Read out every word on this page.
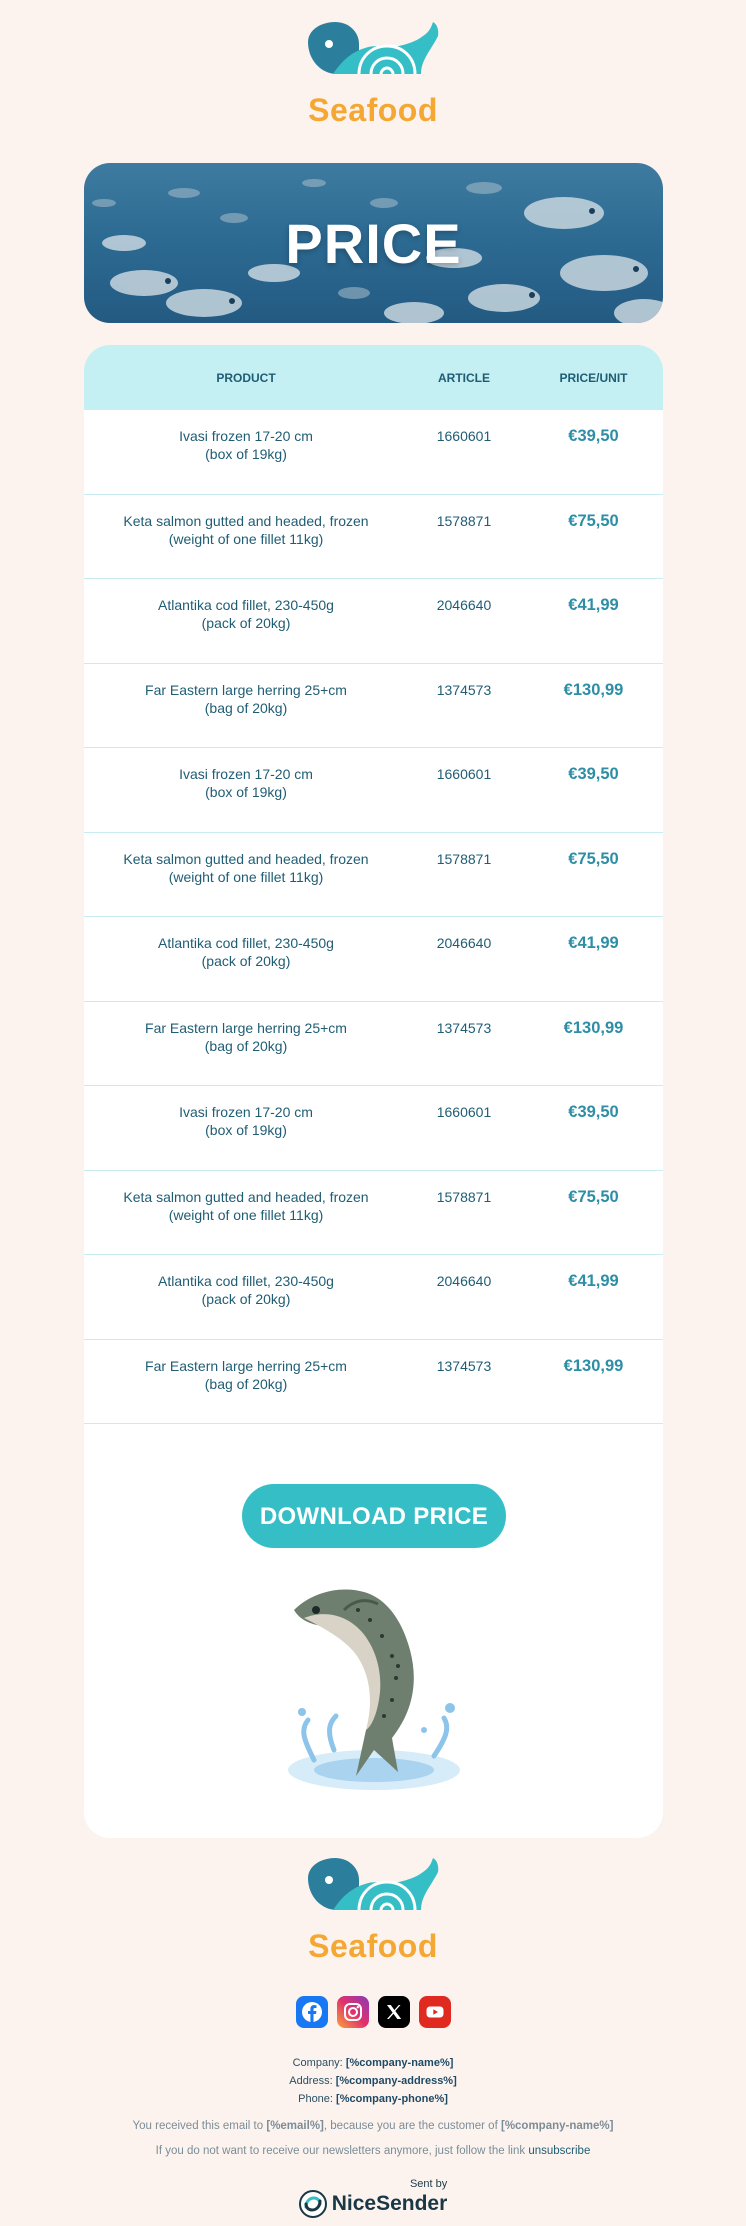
Seafood
PRICE
PRODUCT	ARTICLE	PRICE/UNIT
Ivasi frozen 17-20 cm
(box of 19kg)
1660601	€39,50
Keta salmon gutted and headed, frozen
(weight of one fillet 11kg)
1578871	€75,50
Atlantika cod fillet, 230-450g
(pack of 20kg)
2046640	€41,99
Far Eastern large herring 25+cm
(bag of 20kg)
1374573	€130,99
Ivasi frozen 17-20 cm
(box of 19kg)
1660601	€39,50
Keta salmon gutted and headed, frozen
(weight of one fillet 11kg)
1578871	€75,50
Atlantika cod fillet, 230-450g
(pack of 20kg)
2046640	€41,99
Far Eastern large herring 25+cm
(bag of 20kg)
1374573	€130,99
Ivasi frozen 17-20 cm
(box of 19kg)
1660601	€39,50
Keta salmon gutted and headed, frozen
(weight of one fillet 11kg)
1578871	€75,50
Atlantika cod fillet, 230-450g
(pack of 20kg)
2046640	€41,99
Far Eastern large herring 25+cm
(bag of 20kg)
1374573	€130,99
DOWNLOAD PRICE
Seafood
Company: [%company-name%]
Address: [%company-address%]
Phone: [%company-phone%]
You received this email to [%email%], because you are the customer of [%company-name%]
If you do not want to receive our newsletters anymore, just follow the link unsubscribe
Sent by
NiceSender
